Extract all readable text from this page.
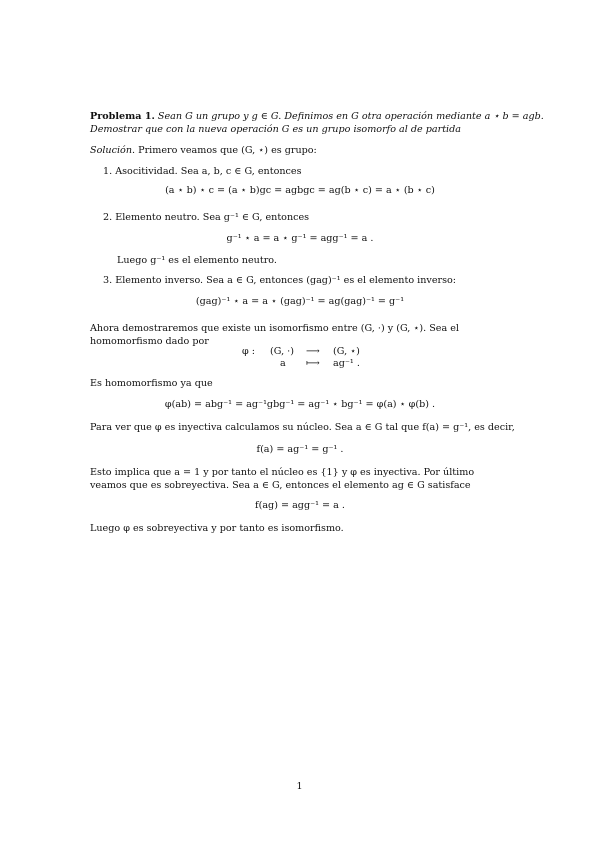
Problema 1. Sean G un grupo y g ∈ G. Definimos en G otra operación mediante a ⋆ b = agb.
Demostrar que con la nueva operación G es un grupo isomorfo al de partida
Solución. Primero veamos que (G, ⋆) es grupo:
1. Asocitividad. Sea a, b, c ∈ G, entonces
(a ⋆ b) ⋆ c = (a ⋆ b)gc = agbgc = ag(b ⋆ c) = a ⋆ (b ⋆ c)
2. Elemento neutro. Sea g⁻¹ ∈ G, entonces
g⁻¹ ⋆ a = a ⋆ g⁻¹ = agg⁻¹ = a .
Luego g⁻¹ es el elemento neutro.
3. Elemento inverso. Sea a ∈ G, entonces (gag)⁻¹ es el elemento inverso:
(gag)⁻¹ ⋆ a = a ⋆ (gag)⁻¹ = ag(gag)⁻¹ = g⁻¹
Ahora demostraremos que existe un isomorfismo entre (G, ·) y (G, ⋆). Sea el homomorfismo dado por
φ : (G, ·) ⟶ (G, ⋆)
a ⟼ ag⁻¹ .
Es homomorfismo ya que
φ(ab) = abg⁻¹ = ag⁻¹gbg⁻¹ = ag⁻¹ ⋆ bg⁻¹ = φ(a) ⋆ φ(b) .
Para ver que φ es inyectiva calculamos su núcleo. Sea a ∈ G tal que f(a) = g⁻¹, es decir,
f(a) = ag⁻¹ = g⁻¹ .
Esto implica que a = 1 y por tanto el núcleo es {1} y φ es inyectiva. Por último veamos que es sobreyectiva. Sea a ∈ G, entonces el elemento ag ∈ G satisface
f(ag) = agg⁻¹ = a .
Luego φ es sobreyectiva y por tanto es isomorfismo.
1
